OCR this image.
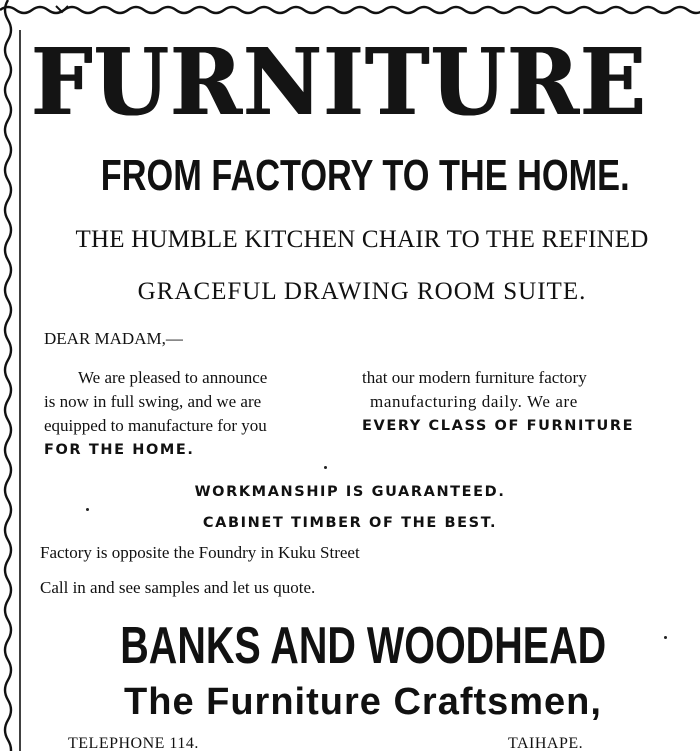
FURNITURE
FROM FACTORY TO THE HOME.
THE HUMBLE KITCHEN CHAIR TO THE REFINED
GRACEFUL DRAWING ROOM SUITE.
DEAR MADAM,—
We are pleased to announce
is now in full swing, and we are
equipped to manufacture for you
that our modern furniture factory
manufacturing daily. We are
EVERY CLASS OF FURNITURE
FOR THE HOME.
WORKMANSHIP IS GUARANTEED.
CABINET TIMBER OF THE BEST.
Factory is opposite the Foundry in Kuku Street
Call in and see samples and let us quote.
BANKS AND WOODHEAD
The Furniture Craftsmen,
TELEPHONE 114.	TAIHAPE.
